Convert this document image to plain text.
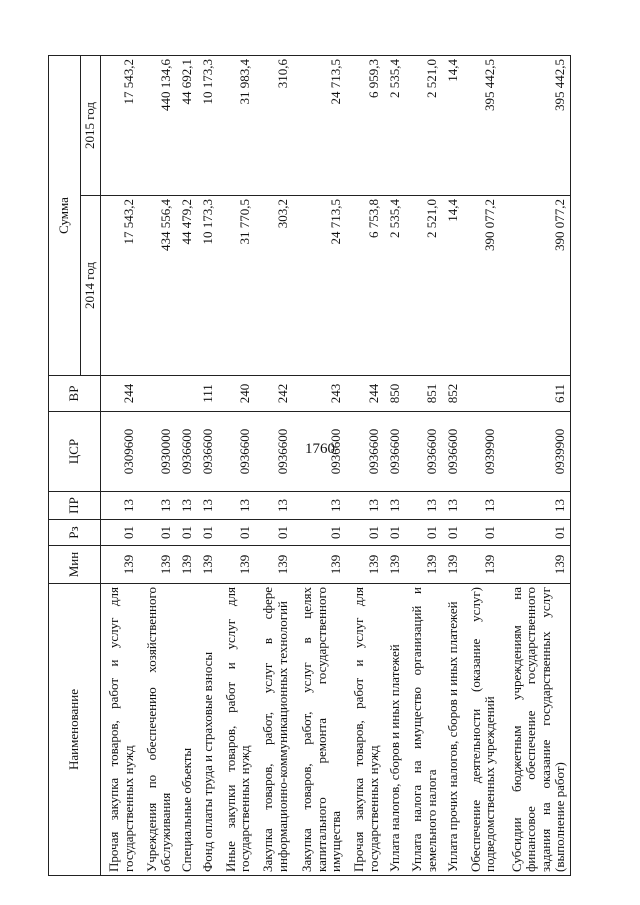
1760
Наименование	Мин	Рз	ПР	ЦСР	ВР	Сумма	
						2014 год	2015 год
Прочая закупка товаров, работ и услуг для государственных нужд	139	01	13	0309600	244	17 543,2	17 543,2
Учреждения по обеспечению хозяйственного обслуживания	139	01	13	0930000		434 556,4	440 134,6
Специальные объекты	139	01	13	0936600		44 479,2	44 692,1
Фонд оплаты труда и страховые взносы	139	01	13	0936600	111	10 173,3	10 173,3
Иные закупки товаров, работ и услуг для государственных нужд	139	01	13	0936600	240	31 770,5	31 983,4
Закупка товаров, работ, услуг в сфере информационно-коммуникационных технологий	139	01	13	0936600	242	303,2	310,6
Закупка товаров, работ, услуг в целях капитального ремонта государственного имущества	139	01	13	0936600	243	24 713,5	24 713,5
Прочая закупка товаров, работ и услуг для государственных нужд	139	01	13	0936600	244	6 753,8	6 959,3
Уплата налогов, сборов и иных платежей	139	01	13	0936600	850	2 535,4	2 535,4
Уплата налога на имущество организаций и земельного налога	139	01	13	0936600	851	2 521,0	2 521,0
Уплата прочих налогов, сборов и иных платежей	139	01	13	0936600	852	14,4	14,4
Обеспечение деятельности (оказание услуг) подведомственных учреждений	139	01	13	0939900		390 077,2	395 442,5
Субсидии бюджетным учреждениям на финансовое обеспечение государственного задания на оказание государственных услуг (выполнение работ)	139	01	13	0939900	611	390 077,2	395 442,5
